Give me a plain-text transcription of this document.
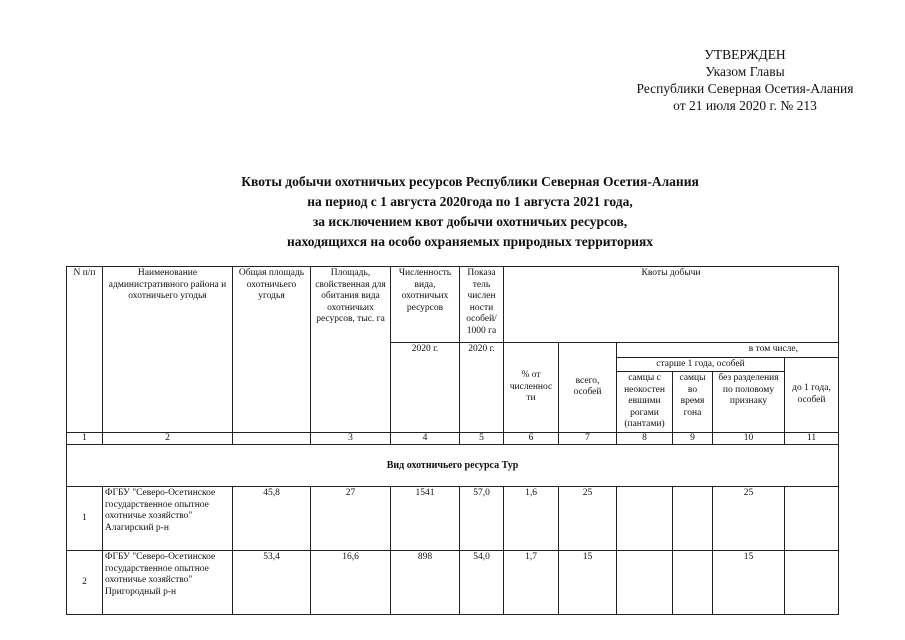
УТВЕРЖДЕН
Указом Главы
Республики Северная Осетия-Алания
от 21 июля 2020 г. № 213
Квоты добычи охотничьих ресурсов Республики Северная Осетия-Алания
на период с 1 августа 2020года по 1 августа 2021 года,
за исключением квот добычи охотничьих ресурсов,
находящихся на особо охраняемых природных территориях
N п/п	Наименование административного района и охотничьего угодья	Общая площадь охотничьего угодья	Площадь, свойственная для обитания вида охотничьих ресурсов, тыс. га	Численность вида, охотничьих ресурсов	Показа тель числен ности особей/ 1000 га	Квоты добычи					
				2020 г.	2020 г.	% от численнос ти	всего, особей	в том числе,			
								старше 1 года, особей			до 1 года, особей
								самцы с неокостен евшими рогами (пантами)	самцы во время гона	без разделения по половому признаку	
1	2		3	4	5	6	7	8	9	10	11
Вид охотничьего ресурса Тур											
1	ФГБУ "Северо-Осетинское государственное опытное охотничье хозяйство" Алагирский р-н	45,8	27	1541	57,0	1,6	25			25	
2	ФГБУ "Северо-Осетинское государственное опытное охотничье хозяйство" Пригородный р-н	53,4	16,6	898	54,0	1,7	15			15	
